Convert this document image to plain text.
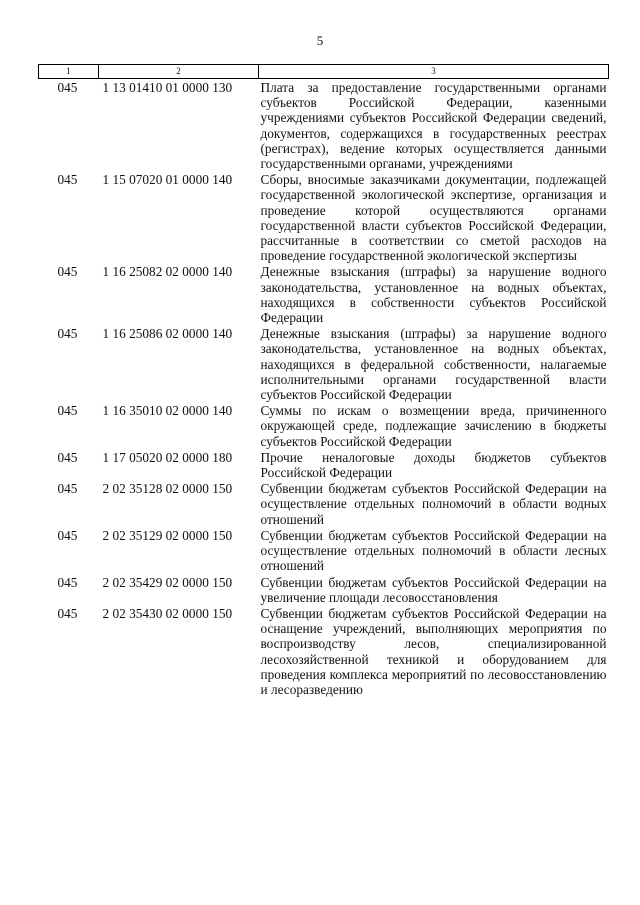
5
1	2	3
045	1 13 01410 01 0000 130	Плата за предоставление государственными органами субъектов Российской Федерации, казенными учреждениями субъектов Российской Федерации сведений, документов, содержащихся в государственных реестрах (регистрах), ведение которых осуществляется данными государственными органами, учреждениями
045	1 15 07020 01 0000 140	Сборы, вносимые заказчиками документации, подлежащей государственной экологической экспертизе, организация и проведение которой осуществляются органами государственной власти субъектов Российской Федерации, рассчитанные в соответствии со сметой расходов на проведение государственной экологической экспертизы
045	1 16 25082 02 0000 140	Денежные взыскания (штрафы) за нарушение водного законодательства, установленное на водных объектах, находящихся в собственности субъектов Российской Федерации
045	1 16 25086 02 0000 140	Денежные взыскания (штрафы) за нарушение водного законодательства, установленное на водных объектах, находящихся в федеральной собственности, налагаемые исполнительными органами государственной власти субъектов Российской Федерации
045	1 16 35010 02 0000 140	Суммы по искам о возмещении вреда, причиненного окружающей среде, подлежащие зачислению в бюджеты субъектов Российской Федерации
045	1 17 05020 02 0000 180	Прочие неналоговые доходы бюджетов субъектов Российской Федерации
045	2 02 35128 02 0000 150	Субвенции бюджетам субъектов Российской Федерации на осуществление отдельных полномочий в области водных отношений
045	2 02 35129 02 0000 150	Субвенции бюджетам субъектов Российской Федерации на осуществление отдельных полномочий в области лесных отношений
045	2 02 35429 02 0000 150	Субвенции бюджетам субъектов Российской Федерации на увеличение площади лесовосстановления
045	2 02 35430 02 0000 150	Субвенции бюджетам субъектов Российской Федерации на оснащение учреждений, выполняющих мероприятия по воспроизводству лесов, специализированной лесохозяйственной техникой и оборудованием для проведения комплекса мероприятий по лесовосстановлению и лесоразведению
